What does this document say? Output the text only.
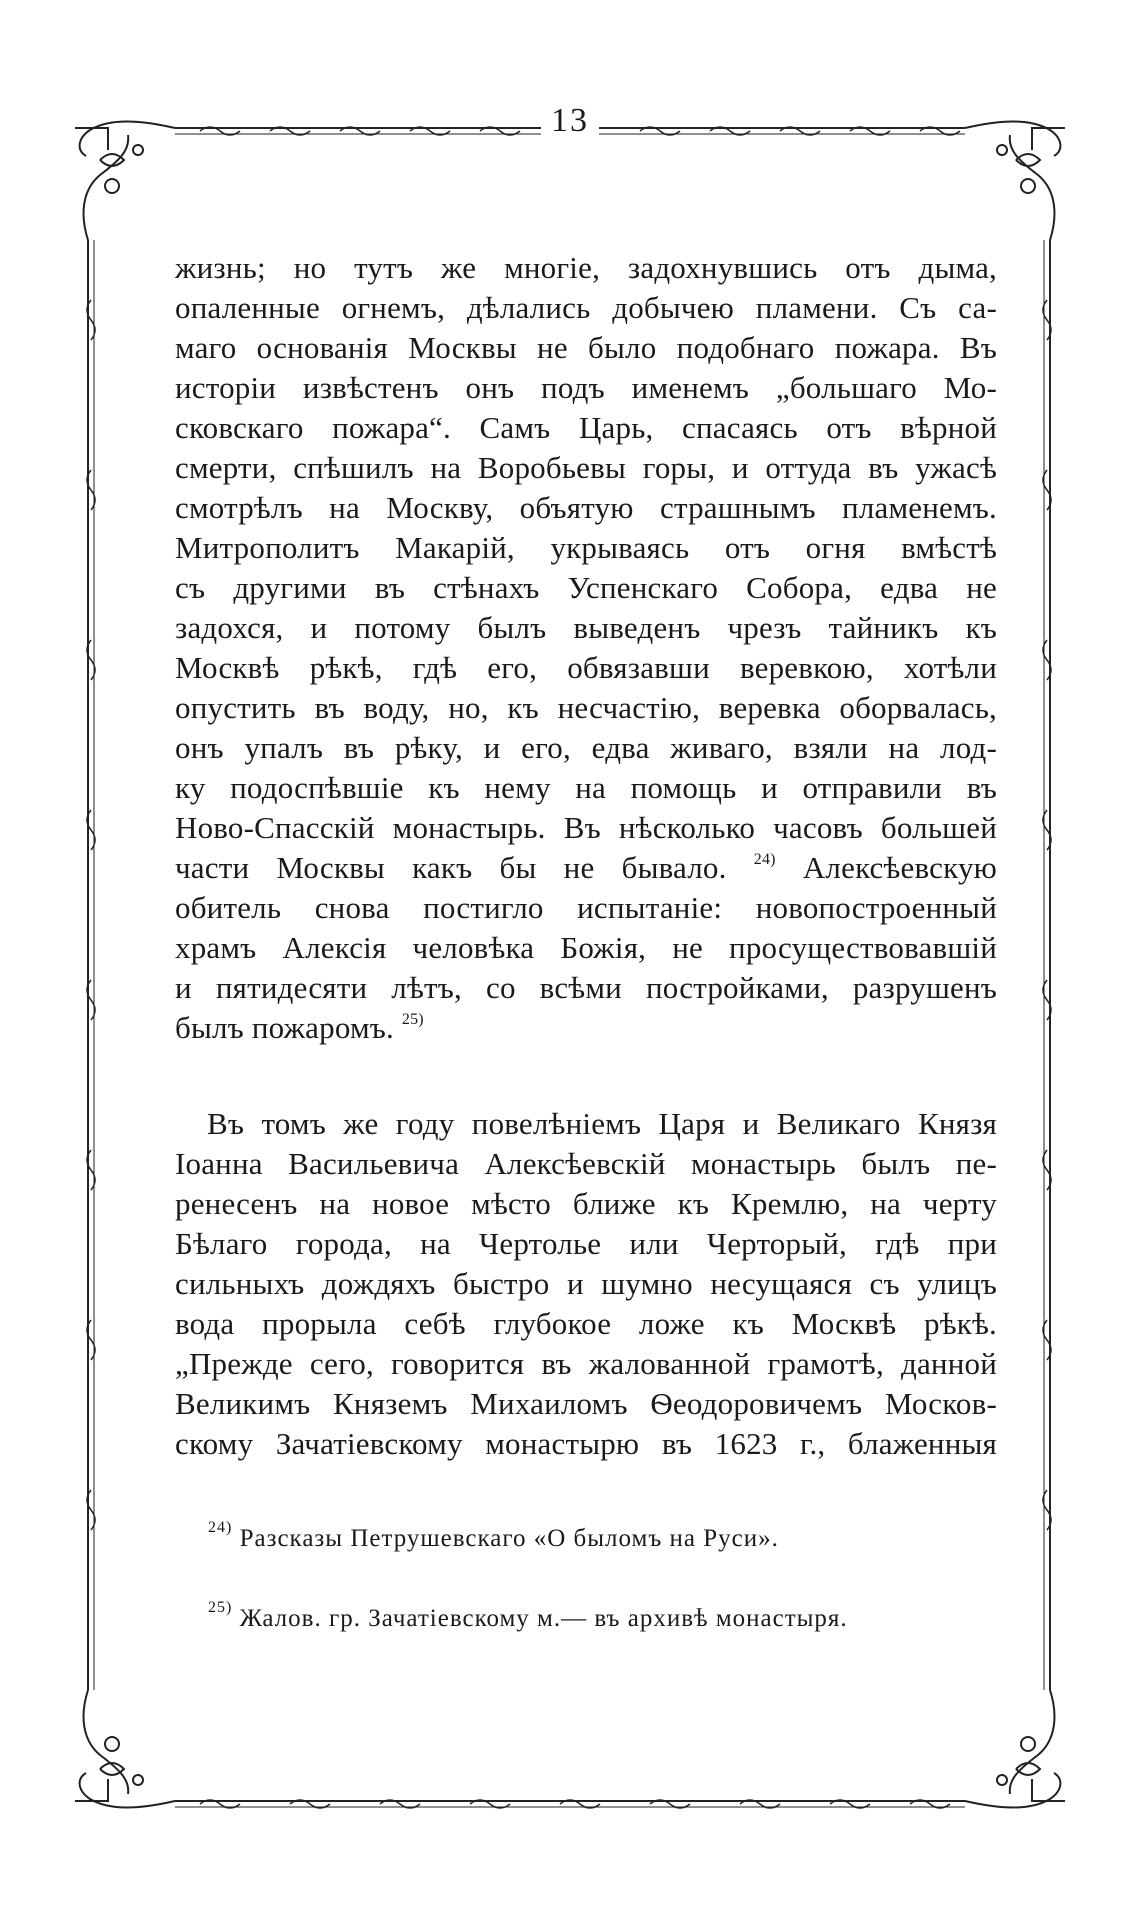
13
жизнь; но тутъ же многіе, задохнувшись отъ дыма,
опаленные огнемъ, дѣлались добычею пламени. Съ са-
маго основанія Москвы не было подобнаго пожара. Въ
исторіи извѣстенъ онъ подъ именемъ „большаго Мо-
сковскаго пожара“. Самъ Царь, спасаясь отъ вѣрной
смерти, спѣшилъ на Воробьевы горы, и оттуда въ ужасѣ
смотрѣлъ на Москву, объятую страшнымъ пламенемъ.
Митрополитъ Макарій, укрываясь отъ огня вмѣстѣ
съ другими въ стѣнахъ Успенскаго Собора, едва не
задохся, и потому былъ выведенъ чрезъ тайникъ къ
Москвѣ рѣкѣ, гдѣ его, обвязавши веревкою, хотѣли
опустить въ воду, но, къ несчастію, веревка оборвалась,
онъ упалъ въ рѣку, и его, едва живаго, взяли на лод-
ку подоспѣвшіе къ нему на помощь и отправили въ
Ново-Спасскій монастырь. Въ нѣсколько часовъ большей
части Москвы какъ бы не бывало. $^{24)}$ Алексѣевскую
обитель снова постигло испытаніе: новопостроенный
храмъ Алексія человѣка Божія, не просуществовавшій
и пятидесяти лѣтъ, со всѣми постройками, разрушенъ
былъ пожаромъ. $^{25)}$
Въ томъ же году повелѣніемъ Царя и Великаго Князя
Іоанна Васильевича Алексѣевскій монастырь былъ пе-
ренесенъ на новое мѣсто ближе къ Кремлю, на черту
Бѣлаго города, на Чертолье или Черторый, гдѣ при
сильныхъ дождяхъ быстро и шумно несущаяся съ улицъ
вода прорыла себѣ глубокое ложе къ Москвѣ рѣкѣ.
„Прежде сего, говорится въ жалованной грамотѣ, данной
Великимъ Княземъ Михаиломъ Ѳеодоровичемъ Москов-
скому Зачатіевскому монастырю въ 1623 г., блаженныя
$^{24)}$ Разсказы Петрушевскаго «О быломъ на Руси».
$^{25)}$ Жалов. гр. Зачатіевскому м.— въ архивѣ монастыря.
